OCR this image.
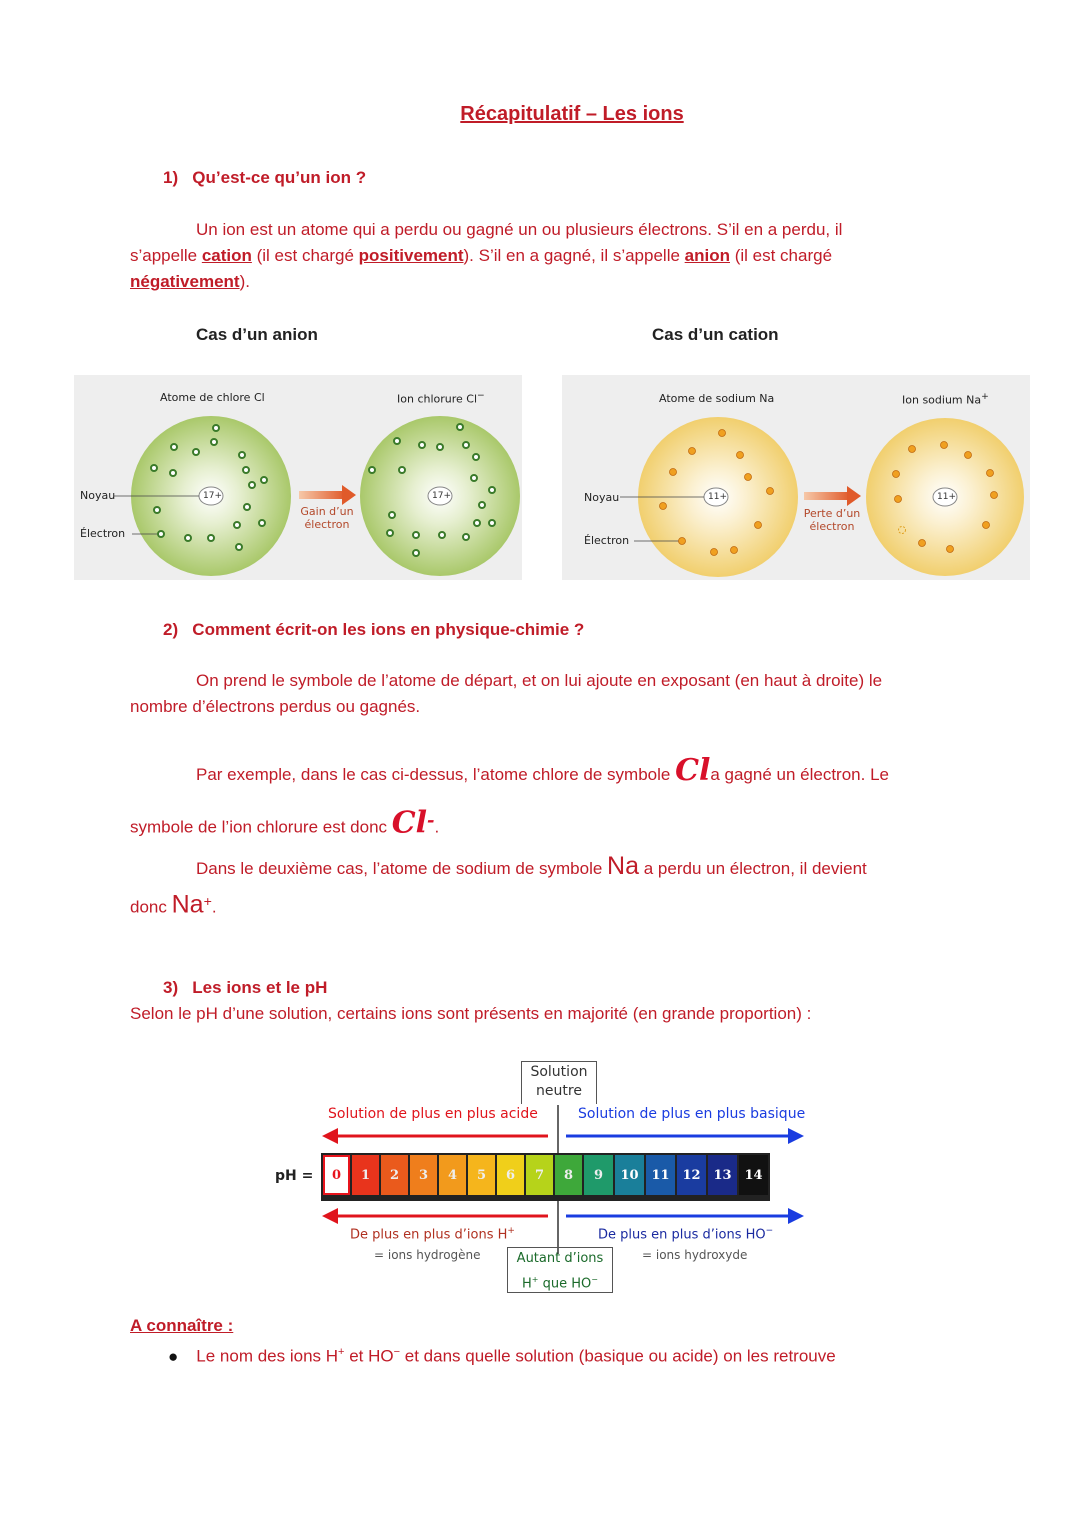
Récapitulatif – Les ions
1) Qu’est-ce qu’un ion ?
Un ion est un atome qui a perdu ou gagné un ou plusieurs électrons. S’il en a perdu, il
s’appelle cation (il est chargé positivement). S’il en a gagné, il s’appelle anion (il est chargé
négativement).
Cas d’un anion	Cas d’un cation
Atome de chlore Cl	Ion chlorure Cl−
Noyau
Électron
17+	17+
Gain d’un
électron
Atome de sodium Na	Ion sodium Na+
Noyau
Électron
11+	11+
Perte d’un
électron
2) Comment écrit-on les ions en physique-chimie ?
On prend le symbole de l’atome de départ, et on lui ajoute en exposant (en haut à droite) le
nombre d’électrons perdus ou gagnés.
Par exemple, dans le cas ci-dessus, l’atome chlore de symbole Cla gagné un électron. Le
symbole de l’ion chlorure est donc Cl-.
Dans le deuxième cas, l’atome de sodium de symbole Na a perdu un électron, il devient
donc Na+.
3) Les ions et le pH
Selon le pH d’une solution, certains ions sont présents en majorité (en grande proportion) :
Solution
neutre
Solution de plus en plus acide	Solution de plus en plus basique
pH =	0	1	2	3	4	5	6	7	8	9	10 11 12 13 14
De plus en plus d’ions H+
= ions hydrogène
De plus en plus d’ions HO−
= ions hydroxyde
Autant d’ions
H+ que HO−
A connaître :
● Le nom des ions H+ et HO− et dans quelle solution (basique ou acide) on les retrouve
